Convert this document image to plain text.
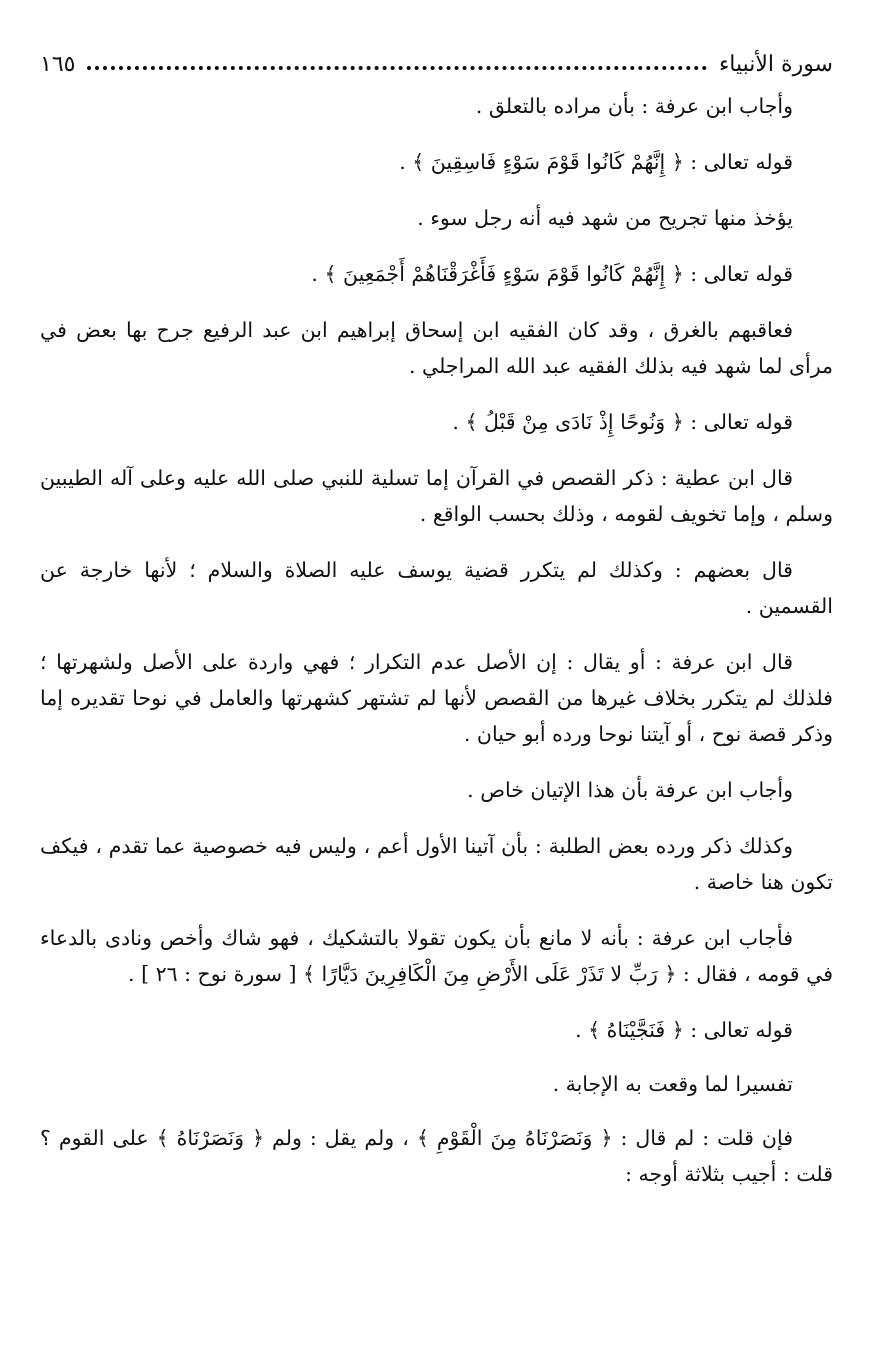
سورة الأنبياء
١٦٥

وأجاب ابن عرفة : بأن مراده بالتعلق .

قوله تعالى : ﴿ إِنَّهُمْ كَانُوا قَوْمَ سَوْءٍ فَاسِقِينَ ﴾ .

يؤخذ منها تجريح من شهد فيه أنه رجل سوء .

قوله تعالى : ﴿ إِنَّهُمْ كَانُوا قَوْمَ سَوْءٍ فَأَغْرَقْنَاهُمْ أَجْمَعِينَ ﴾ .

فعاقبهم بالغرق ، وقد كان الفقيه ابن إسحاق إبراهيم ابن عبد الرفيع جرح بها بعض في مرأى لما شهد فيه بذلك الفقيه عبد الله المراجلي .

قوله تعالى : ﴿ وَنُوحًا إِذْ نَادَى مِنْ قَبْلُ ﴾ .

قال ابن عطية : ذكر القصص في القرآن إما تسلية للنبي صلى الله عليه وعلى آله الطيبين وسلم ، وإما تخويف لقومه ، وذلك بحسب الواقع .

قال بعضهم : وكذلك لم يتكرر قضية يوسف عليه الصلاة والسلام ؛ لأنها خارجة عن القسمين .

قال ابن عرفة : أو يقال : إن الأصل عدم التكرار ؛ فهي واردة على الأصل ولشهرتها ؛ فلذلك لم يتكرر بخلاف غيرها من القصص لأنها لم تشتهر كشهرتها والعامل في نوحا تقديره إما وذكر قصة نوح ، أو آيتنا نوحا ورده أبو حيان .

وأجاب ابن عرفة بأن هذا الإتيان خاص .

وكذلك ذكر ورده بعض الطلبة : بأن آتينا الأول أعم ، وليس فيه خصوصية عما تقدم ، فيكف تكون هنا خاصة .

فأجاب ابن عرفة : بأنه لا مانع بأن يكون تقولا بالتشكيك ، فهو شاك وأخص ونادى بالدعاء في قومه ، فقال : ﴿ رَبِّ لا تَذَرْ عَلَى الأَرْضِ مِنَ الْكَافِرِينَ دَيَّارًا ﴾ [ سورة نوح : ٢٦ ] .

قوله تعالى : ﴿ فَنَجَّيْنَاهُ ﴾ .

تفسيرا لما وقعت به الإجابة .

فإن قلت : لم قال : ﴿ وَنَصَرْنَاهُ مِنَ الْقَوْمِ ﴾ ، ولم يقل : ولم ﴿ وَنَصَرْنَاهُ ﴾ على القوم ؟ قلت : أجيب بثلاثة أوجه :
